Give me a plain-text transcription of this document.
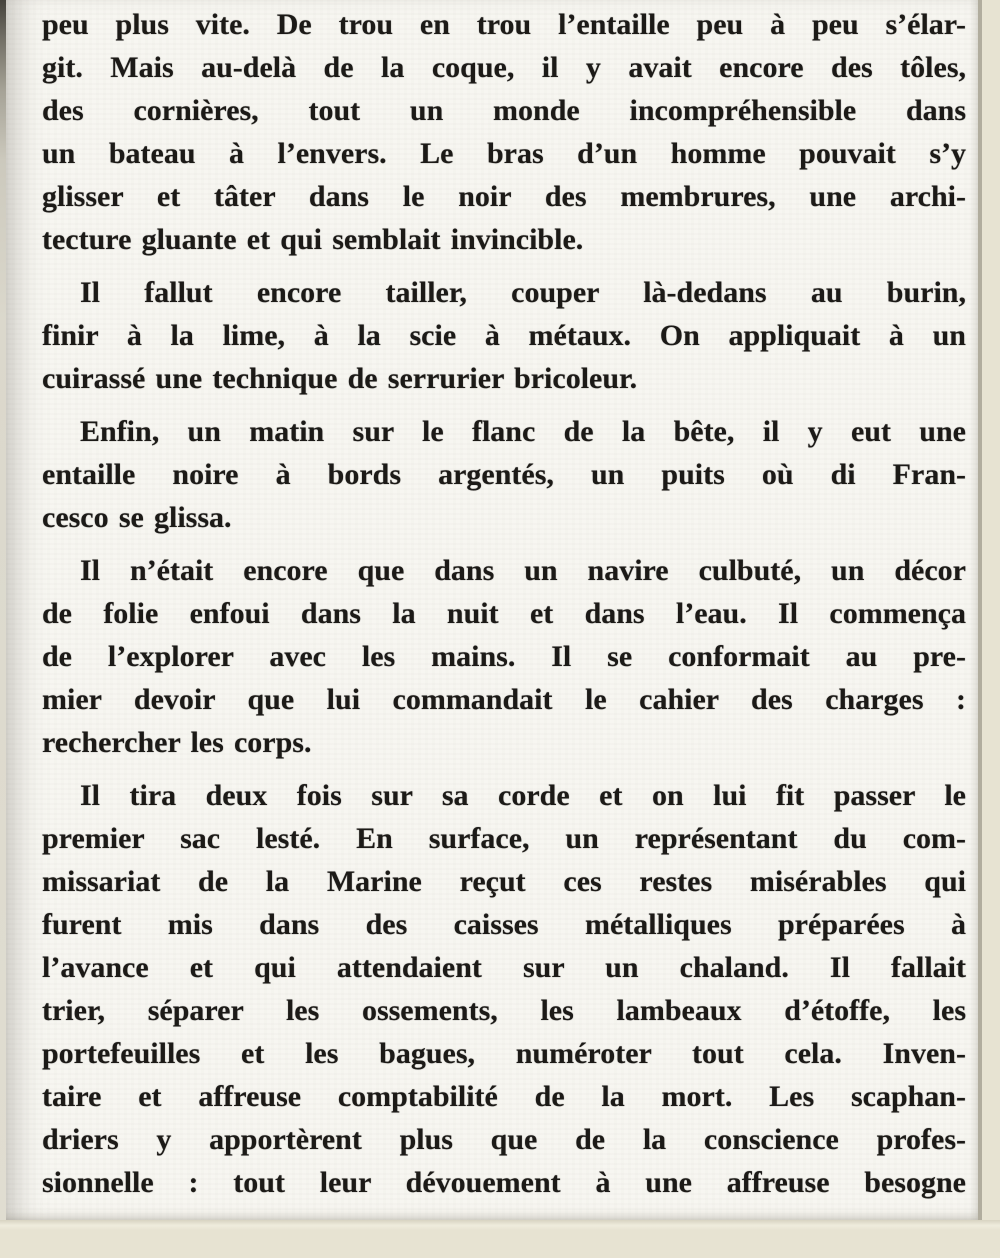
peu plus vite. De trou en trou l’entaille peu à peu s’élar-
git. Mais au-delà de la coque, il y avait encore des tôles,
des cornières, tout un monde incompréhensible dans
un bateau à l’envers. Le bras d’un homme pouvait s’y
glisser et tâter dans le noir des membrures, une archi-
tecture gluante et qui semblait invincible.

Il fallut encore tailler, couper là-dedans au burin,
finir à la lime, à la scie à métaux. On appliquait à un
cuirassé une technique de serrurier bricoleur.

Enfin, un matin sur le flanc de la bête, il y eut une
entaille noire à bords argentés, un puits où di Fran-
cesco se glissa.

Il n’était encore que dans un navire culbuté, un décor
de folie enfoui dans la nuit et dans l’eau. Il commença
de l’explorer avec les mains. Il se conformait au pre-
mier devoir que lui commandait le cahier des charges :
rechercher les corps.

Il tira deux fois sur sa corde et on lui fit passer le
premier sac lesté. En surface, un représentant du com-
missariat de la Marine reçut ces restes misérables qui
furent mis dans des caisses métalliques préparées à
l’avance et qui attendaient sur un chaland. Il fallait
trier, séparer les ossements, les lambeaux d’étoffe, les
portefeuilles et les bagues, numéroter tout cela. Inven-
taire et affreuse comptabilité de la mort. Les scaphan-
driers y apportèrent plus que de la conscience profes-
sionnelle : tout leur dévouement à une affreuse besogne
